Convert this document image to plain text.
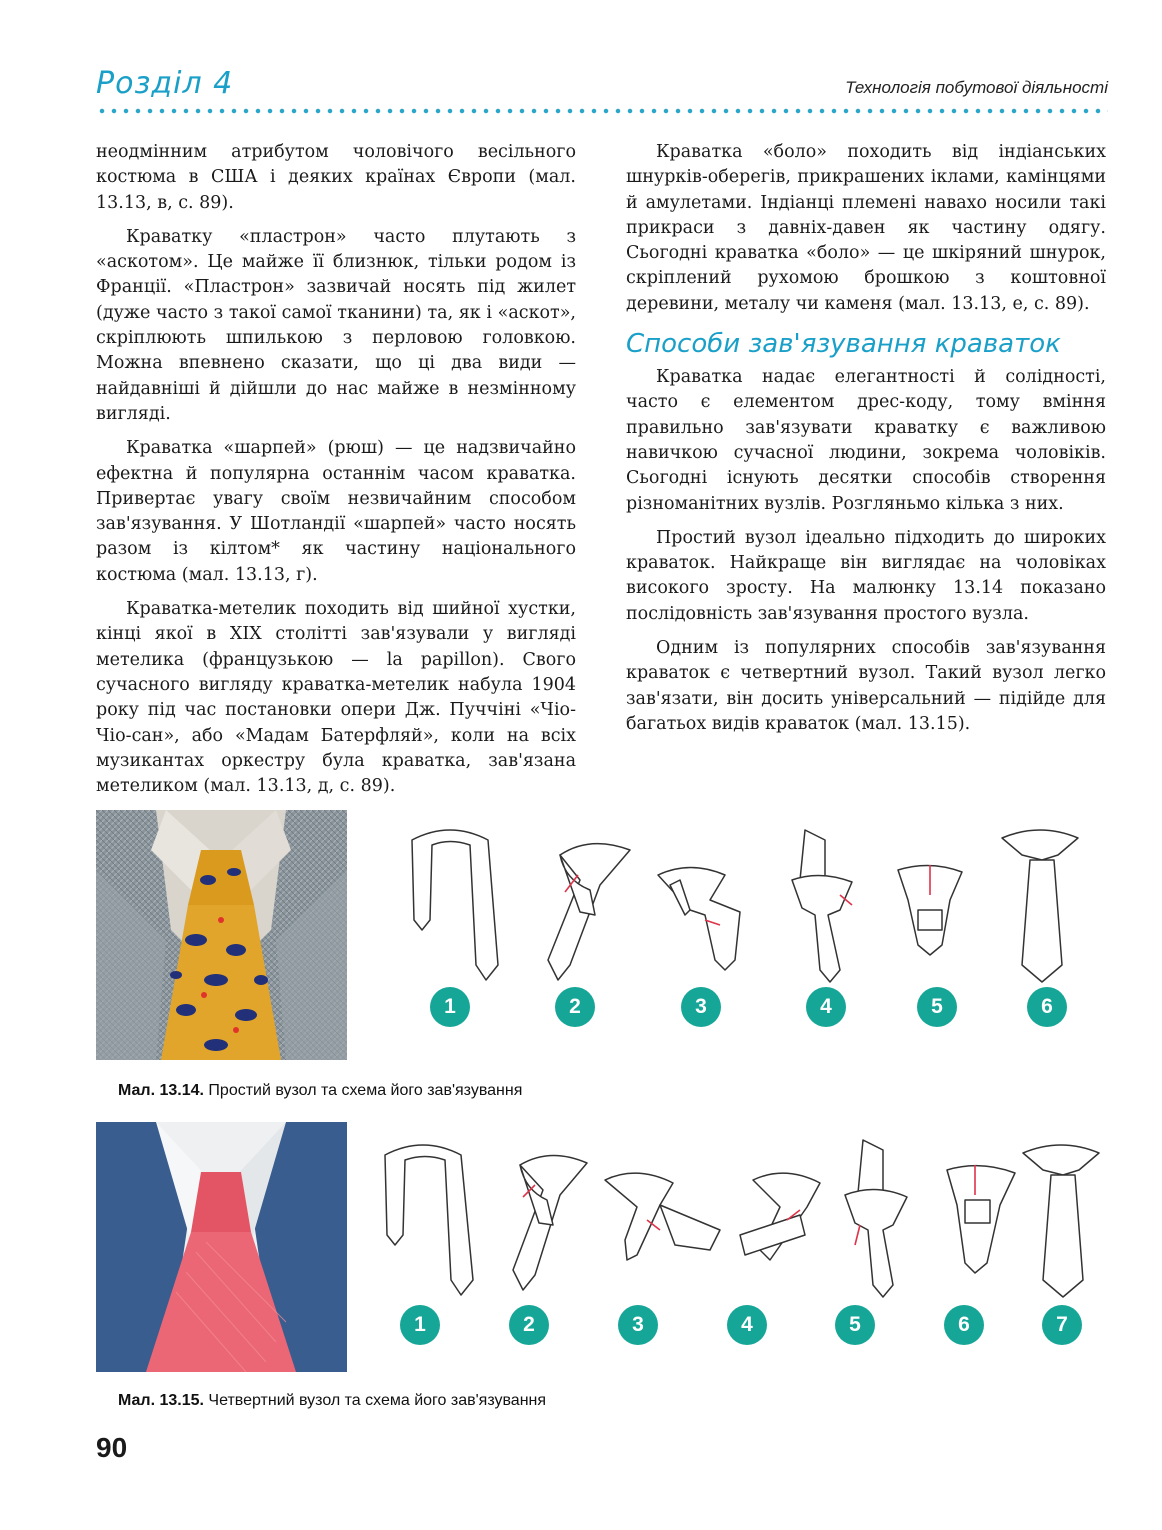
Розділ 4	Технологія побутової діяльності

неодмінним атрибутом чоловічого весільного костюма в США і деяких країнах Європи (мал. 13.13, в, с. 89).

Краватку «пластрон» часто плутають з «аскотом». Це майже її близнюк, тільки родом із Франції. «Пластрон» зазвичай носять під жилет (дуже часто з такої самої тканини) та, як і «аскот», скріплюють шпилькою з перловою головкою. Можна впевнено сказати, що ці два види — найдавніші й дійшли до нас майже в незмінному вигляді.

Краватка «шарпей» (рюш) — це надзвичайно ефектна й популярна останнім часом краватка. Привертає увагу своїм незвичайним способом зав'язування. У Шотландії «шарпей» часто носять разом із кілтом* як частину національного костюма (мал. 13.13, г).

Краватка-метелик походить від шийної хустки, кінці якої в XIX столітті зав'язували у вигляді метелика (французькою — la papillon). Свого сучасного вигляду краватка-метелик набула 1904 року під час постановки опери Дж. Пуччіні «Чіо-Чіо-сан», або «Мадам Батерфляй», коли на всіх музикантах оркестру була краватка, зав'язана метеликом (мал. 13.13, д, с. 89).

Краватка «боло» походить від індіанських шнурків-оберегів, прикрашених іклами, камінцями й амулетами. Індіанці племені навахо носили такі прикраси з давніх-давен як частину одягу. Сьогодні краватка «боло» — це шкіряний шнурок, скріплений рухомою брошкою з коштовної деревини, металу чи каменя (мал. 13.13, е, с. 89).

Способи зав'язування краваток

Краватка надає елегантності й солідності, часто є елементом дрес-коду, тому вміння правильно зав'язувати краватку є важливою навичкою сучасної людини, зокрема чоловіків. Сьогодні існують десятки способів створення різноманітних вузлів. Розгляньмо кілька з них.

Простий вузол ідеально підходить до широких краваток. Найкраще він виглядає на чоловіках високого зросту. На малюнку 13.14 показано послідовність зав'язування простого вузла.

Одним із популярних способів зав'язування краваток є четвертний вузол. Такий вузол легко зав'язати, він досить універсальний — підійде для багатьох видів краваток (мал. 13.15).

1	2	3	4	5	6
Мал. 13.14. Простий вузол та схема його зав'язування
1	2	3	4	5	6	7
Мал. 13.15. Четвертний вузол та схема його зав'язування
90
